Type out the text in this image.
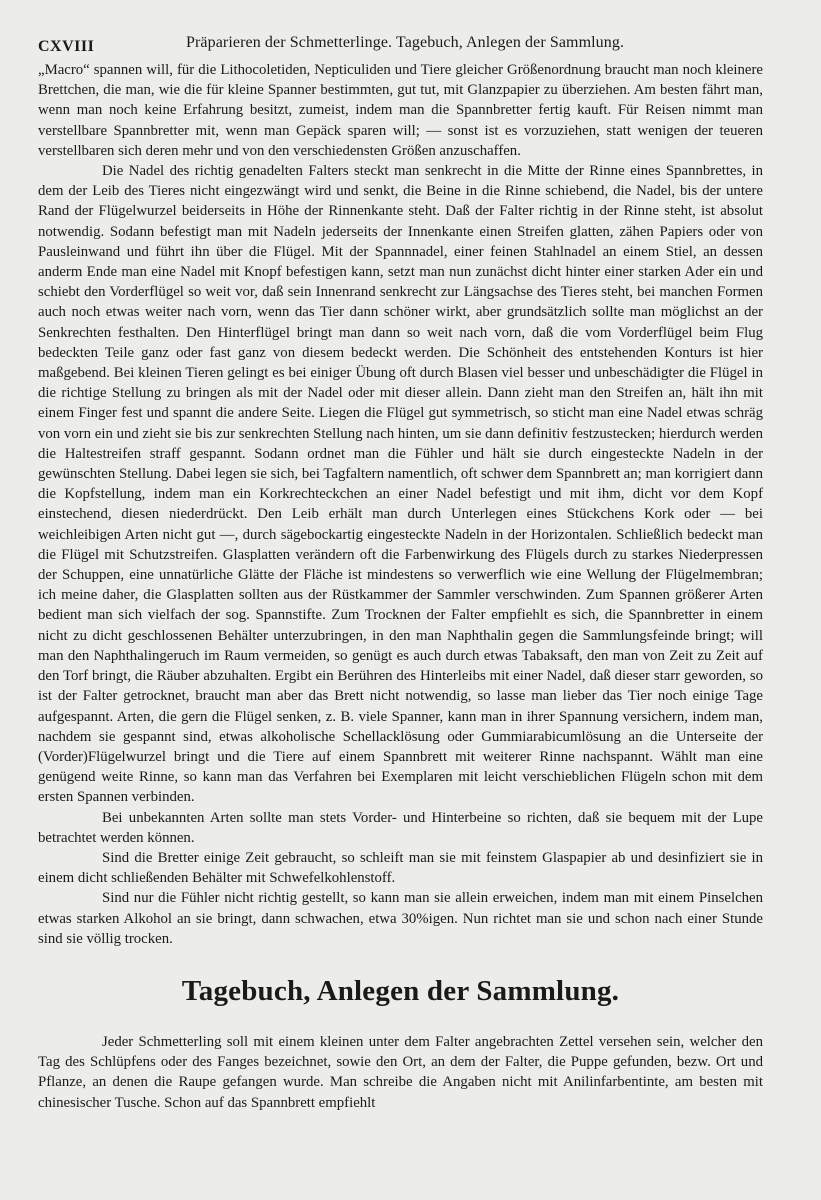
CXVIII	Präparieren der Schmetterlinge. Tagebuch, Anlegen der Sammlung.

„Macro“ spannen will, für die Lithocoletiden, Nepticuliden und Tiere gleicher Größenordnung braucht man noch kleinere Brettchen, die man, wie die für kleine Spanner bestimmten, gut tut, mit Glanzpapier zu überziehen. Am besten fährt man, wenn man noch keine Erfahrung besitzt, zumeist, indem man die Spannbretter fertig kauft. Für Reisen nimmt man verstellbare Spannbretter mit, wenn man Gepäck sparen will; — sonst ist es vorzuziehen, statt wenigen der teueren verstellbaren sich deren mehr und von den verschiedensten Größen anzuschaffen.

Die Nadel des richtig genadelten Falters steckt man senkrecht in die Mitte der Rinne eines Spannbrettes, in dem der Leib des Tieres nicht eingezwängt wird und senkt, die Beine in die Rinne schiebend, die Nadel, bis der untere Rand der Flügelwurzel beiderseits in Höhe der Rinnenkante steht. Daß der Falter richtig in der Rinne steht, ist absolut notwendig. Sodann befestigt man mit Nadeln jederseits der Innenkante einen Streifen glatten, zähen Papiers oder von Pausleinwand und führt ihn über die Flügel. Mit der Spannnadel, einer feinen Stahlnadel an einem Stiel, an dessen anderm Ende man eine Nadel mit Knopf befestigen kann, setzt man nun zunächst dicht hinter einer starken Ader ein und schiebt den Vorderflügel so weit vor, daß sein Innenrand senkrecht zur Längsachse des Tieres steht, bei manchen Formen auch noch etwas weiter nach vorn, wenn das Tier dann schöner wirkt, aber grundsätzlich sollte man möglichst an der Senkrechten festhalten. Den Hinterflügel bringt man dann so weit nach vorn, daß die vom Vorderflügel beim Flug bedeckten Teile ganz oder fast ganz von diesem bedeckt werden. Die Schönheit des entstehenden Konturs ist hier maßgebend. Bei kleinen Tieren gelingt es bei einiger Übung oft durch Blasen viel besser und unbeschädigter die Flügel in die richtige Stellung zu bringen als mit der Nadel oder mit dieser allein. Dann zieht man den Streifen an, hält ihn mit einem Finger fest und spannt die andere Seite. Liegen die Flügel gut symmetrisch, so sticht man eine Nadel etwas schräg von vorn ein und zieht sie bis zur senkrechten Stellung nach hinten, um sie dann definitiv festzustecken; hierdurch werden die Haltestreifen straff gespannt. Sodann ordnet man die Fühler und hält sie durch eingesteckte Nadeln in der gewünschten Stellung. Dabei legen sie sich, bei Tagfaltern namentlich, oft schwer dem Spannbrett an; man korrigiert dann die Kopfstellung, indem man ein Korkrechteckchen an einer Nadel befestigt und mit ihm, dicht vor dem Kopf einstechend, diesen niederdrückt. Den Leib erhält man durch Unterlegen eines Stückchens Kork oder — bei weichleibigen Arten nicht gut —, durch sägebockartig eingesteckte Nadeln in der Horizontalen. Schließlich bedeckt man die Flügel mit Schutzstreifen. Glasplatten verändern oft die Farbenwirkung des Flügels durch zu starkes Niederpressen der Schuppen, eine unnatürliche Glätte der Fläche ist mindestens so verwerflich wie eine Wellung der Flügelmembran; ich meine daher, die Glasplatten sollten aus der Rüstkammer der Sammler verschwinden. Zum Spannen größerer Arten bedient man sich vielfach der sog. Spannstifte. Zum Trocknen der Falter empfiehlt es sich, die Spannbretter in einem nicht zu dicht geschlossenen Behälter unterzubringen, in den man Naphthalin gegen die Sammlungsfeinde bringt; will man den Naphthalingeruch im Raum vermeiden, so genügt es auch durch etwas Tabaksaft, den man von Zeit zu Zeit auf den Torf bringt, die Räuber abzuhalten. Ergibt ein Berühren des Hinterleibs mit einer Nadel, daß dieser starr geworden, so ist der Falter getrocknet, braucht man aber das Brett nicht notwendig, so lasse man lieber das Tier noch einige Tage aufgespannt. Arten, die gern die Flügel senken, z. B. viele Spanner, kann man in ihrer Spannung versichern, indem man, nachdem sie gespannt sind, etwas alkoholische Schellacklösung oder Gummiarabicumlösung an die Unterseite der (Vorder)Flügelwurzel bringt und die Tiere auf einem Spannbrett mit weiterer Rinne nachspannt. Wählt man eine genügend weite Rinne, so kann man das Verfahren bei Exemplaren mit leicht verschieblichen Flügeln schon mit dem ersten Spannen verbinden.

Bei unbekannten Arten sollte man stets Vorder- und Hinterbeine so richten, daß sie bequem mit der Lupe betrachtet werden können.

Sind die Bretter einige Zeit gebraucht, so schleift man sie mit feinstem Glaspapier ab und desinfiziert sie in einem dicht schließenden Behälter mit Schwefelkohlenstoff.

Sind nur die Fühler nicht richtig gestellt, so kann man sie allein erweichen, indem man mit einem Pinselchen etwas starken Alkohol an sie bringt, dann schwachen, etwa 30%igen. Nun richtet man sie und schon nach einer Stunde sind sie völlig trocken.

Tagebuch, Anlegen der Sammlung.

Jeder Schmetterling soll mit einem kleinen unter dem Falter angebrachten Zettel versehen sein, welcher den Tag des Schlüpfens oder des Fanges bezeichnet, sowie den Ort, an dem der Falter, die Puppe gefunden, bezw. Ort und Pflanze, an denen die Raupe gefangen wurde. Man schreibe die Angaben nicht mit Anilinfarbentinte, am besten mit chinesischer Tusche. Schon auf das Spannbrett empfiehlt
